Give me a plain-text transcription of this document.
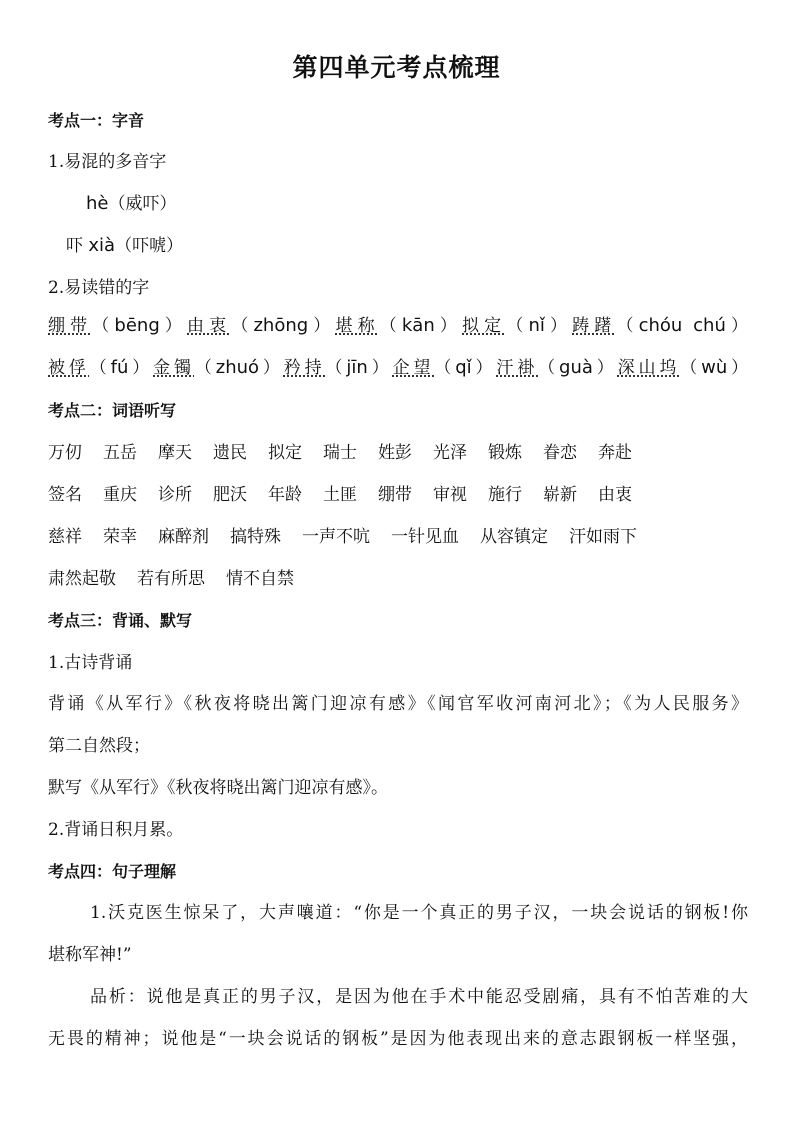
第四单元考点梳理
考点一：字音
1.易混的多音字
hè（威吓）
吓 xià（吓唬）
2.易读错的字
绷带（bēng）由衷（zhōng）堪称（kān）拟定（nǐ）踌躇（chóu chú）
被俘（fú）金镯（zhuó）矜持（jīn）企望（qǐ）汗褂（guà）深山坞（wù）
考点二：词语听写
万仞 五岳 摩天 遗民 拟定 瑞士 姓彭 光泽 锻炼 眷恋 奔赴
签名 重庆 诊所 肥沃 年龄 土匪 绷带 审视 施行 崭新 由衷
慈祥 荣幸 麻醉剂 搞特殊 一声不吭 一针见血 从容镇定 汗如雨下
肃然起敬 若有所思 情不自禁
考点三：背诵、默写
1.古诗背诵
背诵《从军行》《秋夜将晓出篱门迎凉有感》《闻官军收河南河北》；《为人民服务》
第二自然段；
默写《从军行》《秋夜将晓出篱门迎凉有感》。
2.背诵日积月累。
考点四：句子理解
1.沃克医生惊呆了，大声嚷道：“你是一个真正的男子汉，一块会说话的钢板!你
堪称军神!”
品析：说他是真正的男子汉，是因为他在手术中能忍受剧痛，具有不怕苦难的大
无畏的精神；说他是“一块会说话的钢板”是因为他表现出来的意志跟钢板一样坚强，
